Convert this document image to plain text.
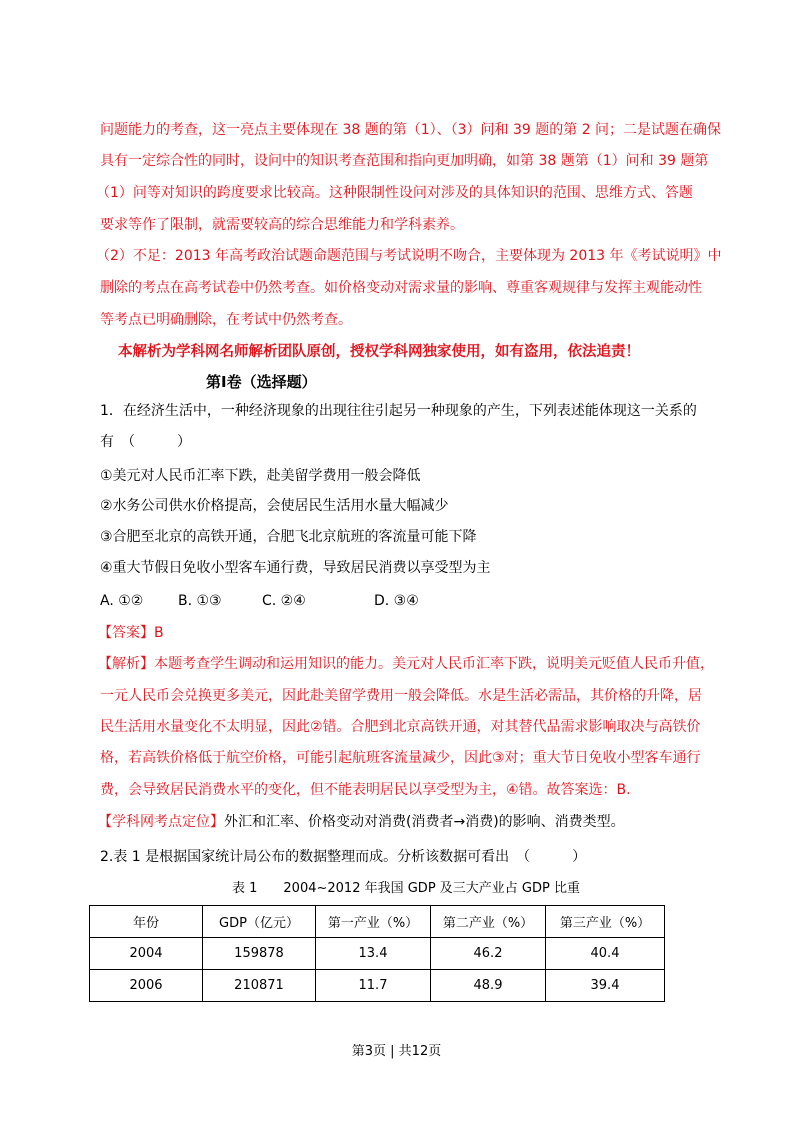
问题能力的考查，这一亮点主要体现在 38 题的第（1）、（3）问和 39 题的第 2 问；二是试题在确保
具有一定综合性的同时，设问中的知识考查范围和指向更加明确，如第 38 题第（1）问和 39 题第
（1）问等对知识的跨度要求比较高。这种限制性设问对涉及的具体知识的范围、思维方式、答题
要求等作了限制，就需要较高的综合思维能力和学科素养。
（2）不足：2013 年高考政治试题命题范围与考试说明不吻合，主要体现为 2013 年《考试说明》中
删除的考点在高考试卷中仍然考查。如价格变动对需求量的影响、尊重客观规律与发挥主观能动性
等考点已明确删除，在考试中仍然考查。
本解析为学科网名师解析团队原创，授权学科网独家使用，如有盗用，依法追责！
第Ⅰ卷（选择题）
1．在经济生活中，一种经济现象的出现往往引起另一种现象的产生，下列表述能体现这一关系的
有　（　　　）
①美元对人民币汇率下跌，赴美留学费用一般会降低
②水务公司供水价格提高，会使居民生活用水量大幅减少
③合肥至北京的高铁开通，合肥飞北京航班的客流量可能下降
④重大节假日免收小型客车通行费，导致居民消费以享受型为主
A. ①② B. ①③	C. ②④	D. ③④
【答案】B
【解析】本题考查学生调动和运用知识的能力。美元对人民币汇率下跌，说明美元贬值人民币升值，
一元人民币会兑换更多美元，因此赴美留学费用一般会降低。水是生活必需品，其价格的升降，居
民生活用水量变化不太明显，因此②错。合肥到北京高铁开通，对其替代品需求影响取决与高铁价
格，若高铁价格低于航空价格，可能引起航班客流量减少，因此③对；重大节日免收小型客车通行
费，会导致居民消费水平的变化，但不能表明居民以享受型为主，④错。故答案选：B.
【学科网考点定位】外汇和汇率、价格变动对消费(消费者→消费)的影响、消费类型。
2.表 1 是根据国家统计局公布的数据整理而成。分析该数据可看出　（　　　）
表 1　　2004~2012 年我国 GDP 及三大产业占 GDP 比重
年份	GDP（亿元）	第一产业（%）	第二产业（%）	第三产业（%）
2004	159878	13.4	46.2	40.4
2006	210871	11.7	48.9	39.4
第3页 | 共12页
